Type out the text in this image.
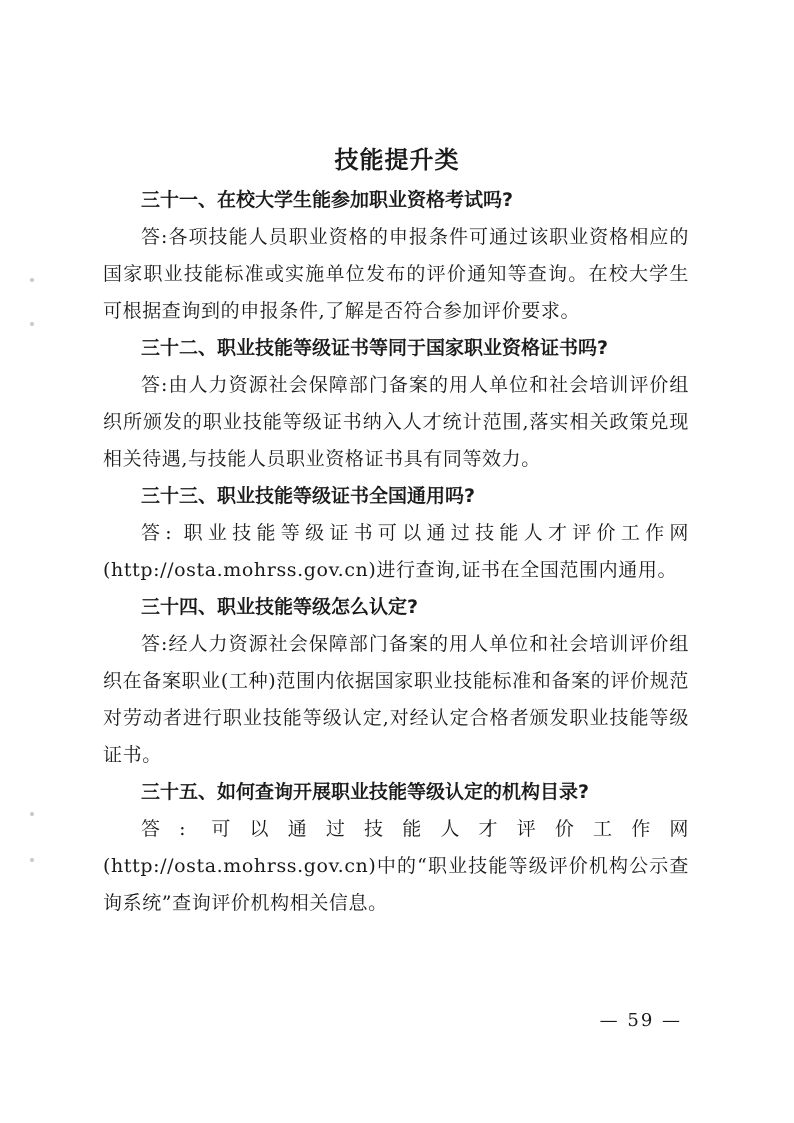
技能提升类

三十一、在校大学生能参加职业资格考试吗?

答:各项技能人员职业资格的申报条件可通过该职业资格相应的国家职业技能标准或实施单位发布的评价通知等查询。在校大学生可根据查询到的申报条件,了解是否符合参加评价要求。

三十二、职业技能等级证书等同于国家职业资格证书吗?

答:由人力资源社会保障部门备案的用人单位和社会培训评价组织所颁发的职业技能等级证书纳入人才统计范围,落实相关政策兑现相关待遇,与技能人员职业资格证书具有同等效力。

三十三、职业技能等级证书全国通用吗?

答: 职业技能等级证书可以通过技能人才评价工作网(http://osta.mohrss.gov.cn)进行查询,证书在全国范围内通用。

三十四、职业技能等级怎么认定?

答:经人力资源社会保障部门备案的用人单位和社会培训评价组织在备案职业(工种)范围内依据国家职业技能标准和备案的评价规范对劳动者进行职业技能等级认定,对经认定合格者颁发职业技能等级证书。

三十五、如何查询开展职业技能等级认定的机构目录?

答: 可以通过技能人才评价工作网(http://osta.mohrss.gov.cn)中的“职业技能等级评价机构公示查询系统”查询评价机构相关信息。

— 59 —
